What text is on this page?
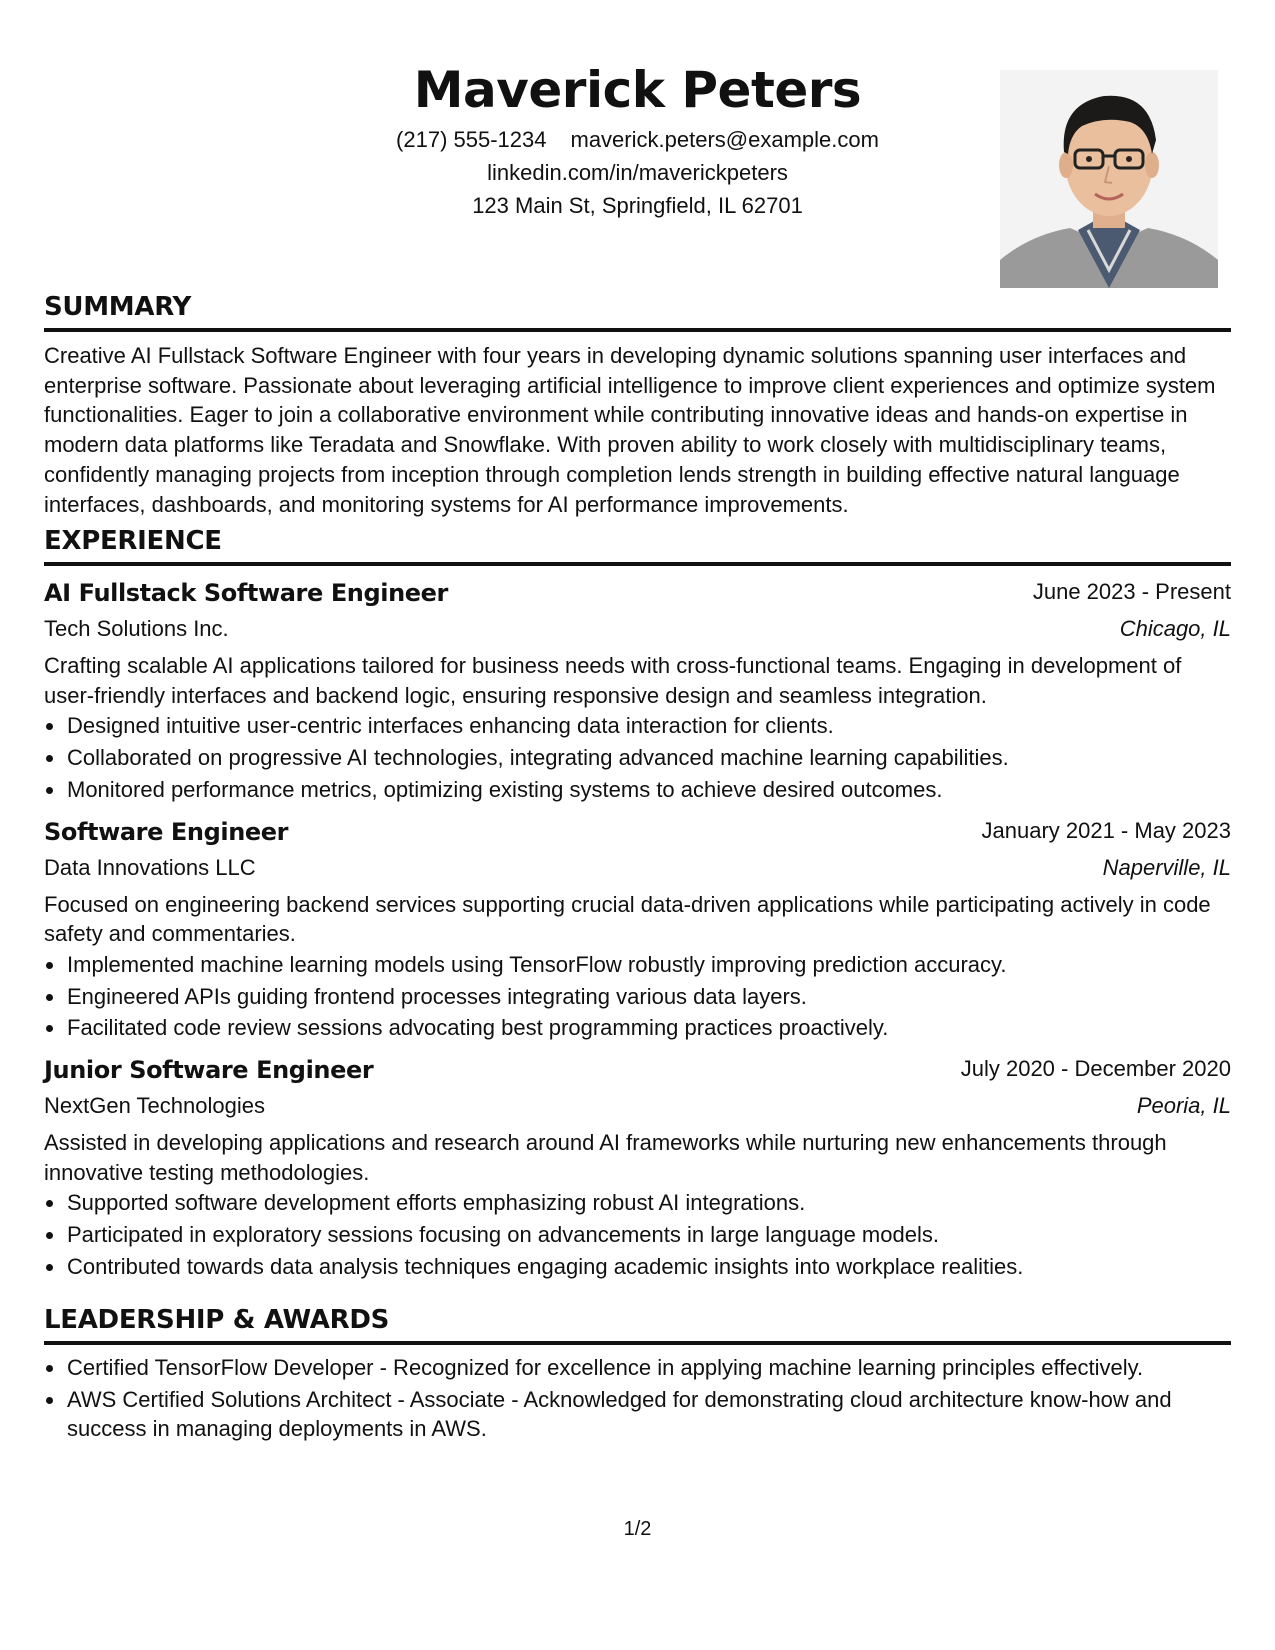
Maverick Peters
(217) 555-1234 maverick.peters@example.com
linkedin.com/in/maverickpeters
123 Main St, Springfield, IL 62701
SUMMARY
Creative AI Fullstack Software Engineer with four years in developing dynamic solutions spanning user interfaces and enterprise software. Passionate about leveraging artificial intelligence to improve client experiences and optimize system functionalities. Eager to join a collaborative environment while contributing innovative ideas and hands-on expertise in modern data platforms like Teradata and Snowflake. With proven ability to work closely with multidisciplinary teams, confidently managing projects from inception through completion lends strength in building effective natural language interfaces, dashboards, and monitoring systems for AI performance improvements.
EXPERIENCE
AI Fullstack Software Engineer	June 2023 - Present
Tech Solutions Inc.	Chicago, IL
Crafting scalable AI applications tailored for business needs with cross-functional teams. Engaging in development of user-friendly interfaces and backend logic, ensuring responsive design and seamless integration.
Designed intuitive user-centric interfaces enhancing data interaction for clients.
Collaborated on progressive AI technologies, integrating advanced machine learning capabilities.
Monitored performance metrics, optimizing existing systems to achieve desired outcomes.
Software Engineer	January 2021 - May 2023
Data Innovations LLC	Naperville, IL
Focused on engineering backend services supporting crucial data-driven applications while participating actively in code safety and commentaries.
Implemented machine learning models using TensorFlow robustly improving prediction accuracy.
Engineered APIs guiding frontend processes integrating various data layers.
Facilitated code review sessions advocating best programming practices proactively.
Junior Software Engineer	July 2020 - December 2020
NextGen Technologies	Peoria, IL
Assisted in developing applications and research around AI frameworks while nurturing new enhancements through innovative testing methodologies.
Supported software development efforts emphasizing robust AI integrations.
Participated in exploratory sessions focusing on advancements in large language models.
Contributed towards data analysis techniques engaging academic insights into workplace realities.
LEADERSHIP & AWARDS
Certified TensorFlow Developer - Recognized for excellence in applying machine learning principles effectively.
AWS Certified Solutions Architect - Associate - Acknowledged for demonstrating cloud architecture know-how and success in managing deployments in AWS.
1/2
